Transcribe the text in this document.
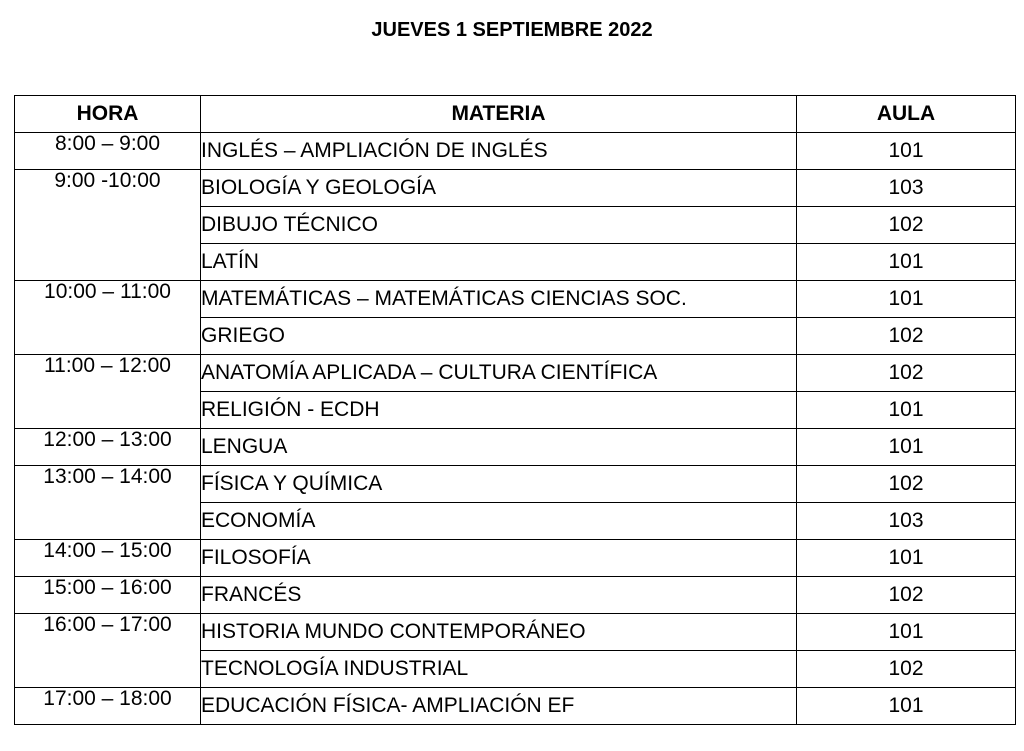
JUEVES 1 SEPTIEMBRE 2022
HORA	MATERIA	AULA
8:00 – 9:00	INGLÉS – AMPLIACIÓN DE INGLÉS	101
9:00 -10:00	BIOLOGÍA Y GEOLOGÍA	103
	DIBUJO TÉCNICO	102
	LATÍN	101
10:00 – 11:00	MATEMÁTICAS – MATEMÁTICAS CIENCIAS SOC.	101
	GRIEGO	102
11:00 – 12:00	ANATOMÍA APLICADA – CULTURA CIENTÍFICA	102
	RELIGIÓN - ECDH	101
12:00 – 13:00	LENGUA	101
13:00 – 14:00	FÍSICA Y QUÍMICA	102
	ECONOMÍA	103
14:00 – 15:00	FILOSOFÍA	101
15:00 – 16:00	FRANCÉS	102
16:00 – 17:00	HISTORIA MUNDO CONTEMPORÁNEO	101
	TECNOLOGÍA INDUSTRIAL	102
17:00 – 18:00	EDUCACIÓN FÍSICA- AMPLIACIÓN EF	101
